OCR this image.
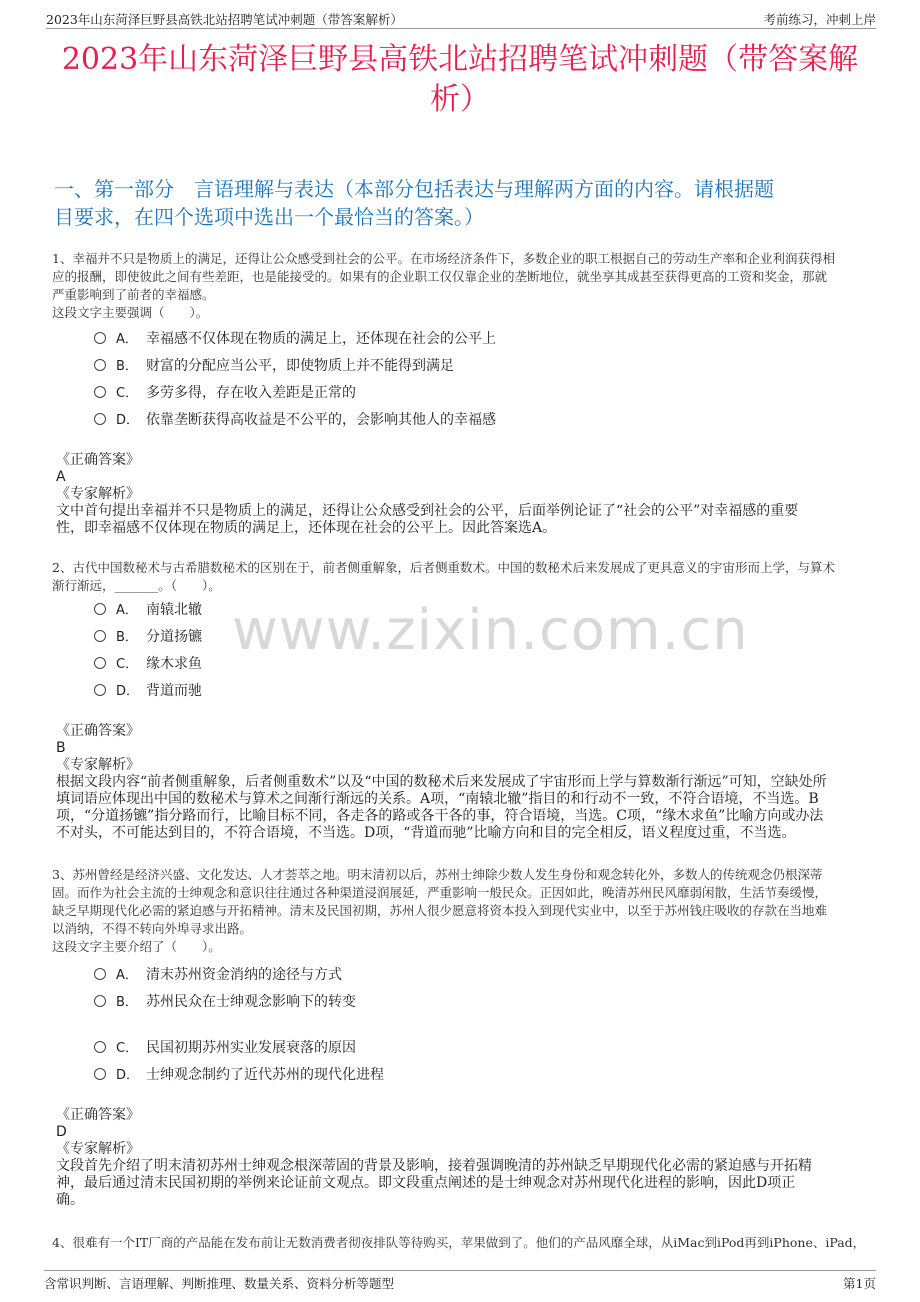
2023年山东菏泽巨野县高铁北站招聘笔试冲刺题（带答案解析）	考前练习，冲刺上岸
2023年山东菏泽巨野县高铁北站招聘笔试冲刺题（带答案解
析）
一、第一部分　言语理解与表达（本部分包括表达与理解两方面的内容。请根据题
目要求，在四个选项中选出一个最恰当的答案。）
www.zixin.com.cn
1、幸福并不只是物质上的满足，还得让公众感受到社会的公平。在市场经济条件下，多数企业的职工根据自己的劳动生产率和企业利润获得相
应的报酬，即使彼此之间有些差距，也是能接受的。如果有的企业职工仅仅靠企业的垄断地位，就坐享其成甚至获得更高的工资和奖金，那就
严重影响到了前者的幸福感。
这段文字主要强调（　　）。
A． 幸福感不仅体现在物质的满足上，还体现在社会的公平上
B． 财富的分配应当公平，即使物质上并不能得到满足
C． 多劳多得，存在收入差距是正常的
D． 依靠垄断获得高收益是不公平的，会影响其他人的幸福感
《正确答案》
A
《专家解析》
文中首句提出幸福并不只是物质上的满足，还得让公众感受到社会的公平，后面举例论证了“社会的公平”对幸福感的重要
性，即幸福感不仅体现在物质的满足上，还体现在社会的公平上。因此答案选A。
2、古代中国数秘术与古希腊数秘术的区别在于，前者侧重解象，后者侧重数术。中国的数秘术后来发展成了更具意义的宇宙形而上学，与算术
渐行渐远，_______。（　　）。
A． 南辕北辙
B． 分道扬镳
C． 缘木求鱼
D． 背道而驰
《正确答案》
B
《专家解析》
根据文段内容“前者侧重解象，后者侧重数术”以及“中国的数秘术后来发展成了宇宙形而上学与算数渐行渐远”可知，空缺处所
填词语应体现出中国的数秘术与算术之间渐行渐远的关系。A项，“南辕北辙”指目的和行动不一致，不符合语境，不当选。B
项，“分道扬镳”指分路而行，比喻目标不同，各走各的路或各干各的事，符合语境，当选。C项，“缘木求鱼”比喻方向或办法
不对头，不可能达到目的，不符合语境，不当选。D项，“背道而驰”比喻方向和目的完全相反，语义程度过重，不当选。
3、苏州曾经是经济兴盛、文化发达、人才荟萃之地。明末清初以后，苏州士绅除少数人发生身份和观念转化外，多数人的传统观念仍根深蒂
固。而作为社会主流的士绅观念和意识往往通过各种渠道浸润展延，严重影响一般民众。正因如此，晚清苏州民风靡弱闲散，生活节奏缓慢，
缺乏早期现代化必需的紧迫感与开拓精神。清末及民国初期，苏州人很少愿意将资本投入到现代实业中，以至于苏州钱庄吸收的存款在当地难
以消纳，不得不转向外埠寻求出路。
这段文字主要介绍了（　　）。
A． 清末苏州资金消纳的途径与方式
B． 苏州民众在士绅观念影响下的转变
C． 民国初期苏州实业发展衰落的原因
D． 士绅观念制约了近代苏州的现代化进程
《正确答案》
D
《专家解析》
文段首先介绍了明末清初苏州士绅观念根深蒂固的背景及影响，接着强调晚清的苏州缺乏早期现代化必需的紧迫感与开拓精
神，最后通过清末民国初期的举例来论证前文观点。即文段重点阐述的是士绅观念对苏州现代化进程的影响，因此D项正
确。
4、很难有一个IT厂商的产品能在发布前让无数消费者彻夜排队等待购买，苹果做到了。他们的产品风靡全球，从iMac到iPod再到iPhone、iPad，
含常识判断、言语理解、判断推理、数量关系、资料分析等题型	第1页
